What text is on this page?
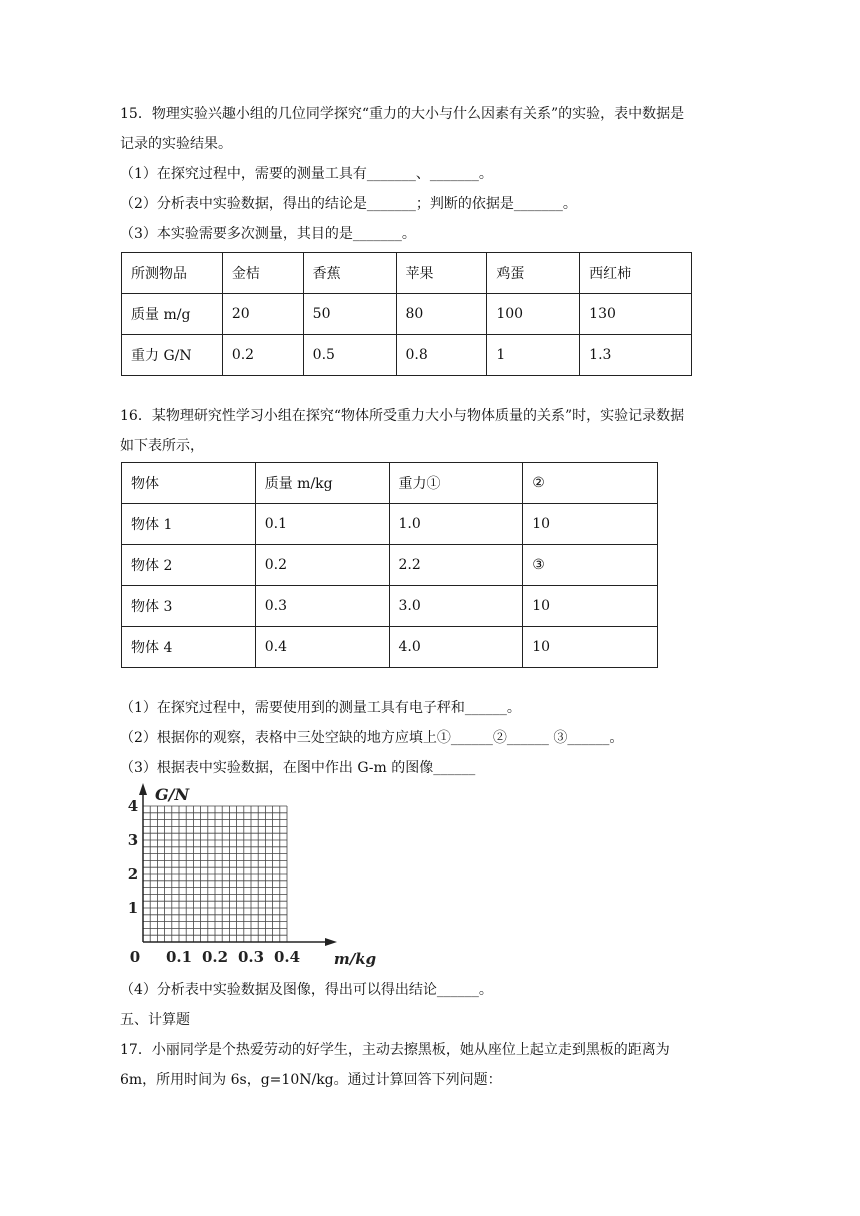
15．物理实验兴趣小组的几位同学探究“重力的大小与什么因素有关系”的实验，表中数据是
记录的实验结果。
（1）在探究过程中，需要的测量工具有_______、_______。
（2）分析表中实验数据，得出的结论是_______；判断的依据是_______。
（3）本实验需要多次测量，其目的是_______。
所测物品	金桔	香蕉	苹果	鸡蛋	西红柿
质量 m/g	20	50	80	100	130
重力 G/N	0.2	0.5	0.8	1	1.3
16．某物理研究性学习小组在探究“物体所受重力大小与物体质量的关系”时，实验记录数据
如下表所示，
物体	质量 m/kg	重力①	②
物体 1	0.1	1.0	10
物体 2	0.2	2.2	③
物体 3	0.3	3.0	10
物体 4	0.4	4.0	10
（1）在探究过程中，需要使用到的测量工具有电子秤和______。
（2）根据你的观察，表格中三处空缺的地方应填上①______②______ ③______。
（3）根据表中实验数据，在图中作出 G-m 的图像______
0 0.1 0.2 0.3 0.4
1
2
3
4
m/kg
G/N
（4）分析表中实验数据及图像，得出可以得出结论______。
五、计算题
17．小丽同学是个热爱劳动的好学生，主动去擦黑板，她从座位上起立走到黑板的距离为
6m，所用时间为 6s，g=10N/kg。通过计算回答下列问题：
